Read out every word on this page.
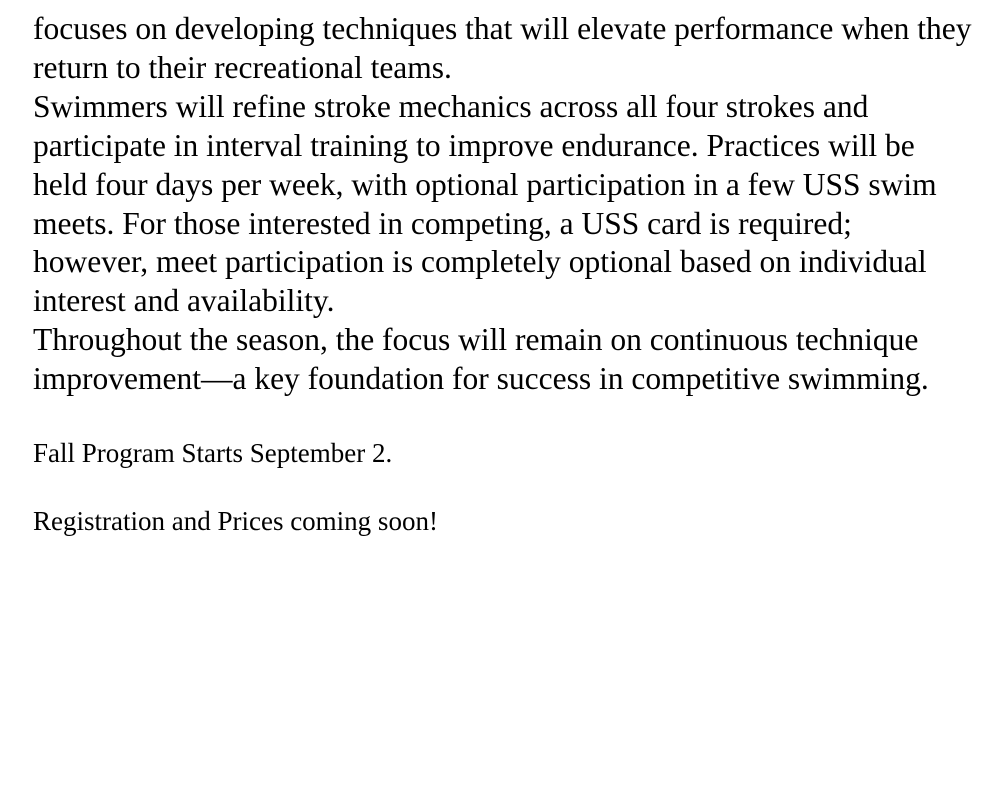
focuses on developing techniques that will elevate performance when they return to their recreational teams.

Swimmers will refine stroke mechanics across all four strokes and participate in interval training to improve endurance. Practices will be held four days per week, with optional participation in a few USS swim meets. For those interested in competing, a USS card is required; however, meet participation is completely optional based on individual interest and availability.

Throughout the season, the focus will remain on continuous technique improvement—a key foundation for success in competitive swimming.

Fall Program Starts September 2.

Registration and Prices coming soon!
